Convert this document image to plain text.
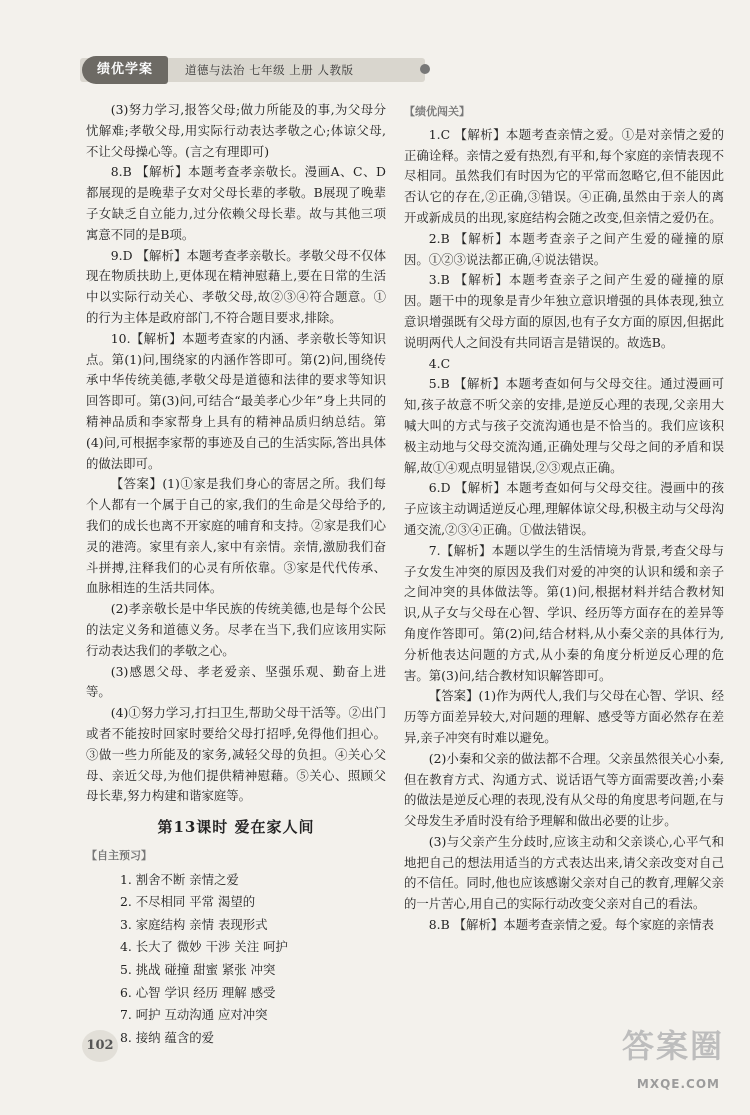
绩优学案	道德与法治 七年级 上册 人教版

(3)努力学习,报答父母;做力所能及的事,为父母分忧解难;孝敬父母,用实际行动表达孝敬之心;体谅父母,不让父母操心等。(言之有理即可)

8.B 【解析】本题考查孝亲敬长。漫画A、C、D都展现的是晚辈子女对父母长辈的孝敬。B展现了晚辈子女缺乏自立能力,过分依赖父母长辈。故与其他三项寓意不同的是B项。

9.D 【解析】本题考查孝亲敬长。孝敬父母不仅体现在物质扶助上,更体现在精神慰藉上,要在日常的生活中以实际行动关心、孝敬父母,故②③④符合题意。①的行为主体是政府部门,不符合题目要求,排除。

10.【解析】本题考查家的内涵、孝亲敬长等知识点。第(1)问,围绕家的内涵作答即可。第(2)问,围绕传承中华传统美德,孝敬父母是道德和法律的要求等知识回答即可。第(3)问,可结合“最美孝心少年”身上共同的精神品质和李家帮身上具有的精神品质归纳总结。第(4)问,可根据李家帮的事迹及自己的生活实际,答出具体的做法即可。

【答案】(1)①家是我们身心的寄居之所。我们每个人都有一个属于自己的家,我们的生命是父母给予的,我们的成长也离不开家庭的哺育和支持。②家是我们心灵的港湾。家里有亲人,家中有亲情。亲情,激励我们奋斗拼搏,注释我们的心灵有所依靠。③家是代代传承、血脉相连的生活共同体。

(2)孝亲敬长是中华民族的传统美德,也是每个公民的法定义务和道德义务。尽孝在当下,我们应该用实际行动表达我们的孝敬之心。

(3)感恩父母、孝老爱亲、坚强乐观、勤奋上进等。

(4)①努力学习,打扫卫生,帮助父母干活等。②出门或者不能按时回家时要给父母打招呼,免得他们担心。③做一些力所能及的家务,减轻父母的负担。④关心父母、亲近父母,为他们提供精神慰藉。⑤关心、照顾父母长辈,努力构建和谐家庭等。

第13课时 爱在家人间
【自主预习】

1. 割舍不断 亲情之爱

2. 不尽相同 平常 渴望的

3. 家庭结构 亲情 表现形式

4. 长大了 微妙 干涉 关注 呵护

5. 挑战 碰撞 甜蜜 紧张 冲突

6. 心智 学识 经历 理解 感受

7. 呵护 互动沟通 应对冲突

8. 接纳 蕴含的爱

【绩优闯关】

1.C 【解析】本题考查亲情之爱。①是对亲情之爱的正确诠释。亲情之爱有热烈,有平和,每个家庭的亲情表现不尽相同。虽然我们有时因为它的平常而忽略它,但不能因此否认它的存在,②正确,③错误。④正确,虽然由于亲人的离开或新成员的出现,家庭结构会随之改变,但亲情之爱仍在。

2.B 【解析】本题考查亲子之间产生爱的碰撞的原因。①②③说法都正确,④说法错误。

3.B 【解析】本题考查亲子之间产生爱的碰撞的原因。题干中的现象是青少年独立意识增强的具体表现,独立意识增强既有父母方面的原因,也有子女方面的原因,但据此说明两代人之间没有共同语言是错误的。故选B。

4.C

5.B 【解析】本题考查如何与父母交往。通过漫画可知,孩子故意不听父亲的安排,是逆反心理的表现,父亲用大喊大叫的方式与孩子交流沟通也是不恰当的。我们应该积极主动地与父母交流沟通,正确处理与父母之间的矛盾和误解,故①④观点明显错误,②③观点正确。

6.D 【解析】本题考查如何与父母交往。漫画中的孩子应该主动调适逆反心理,理解体谅父母,积极主动与父母沟通交流,②③④正确。①做法错误。

7.【解析】本题以学生的生活情境为背景,考查父母与子女发生冲突的原因及我们对爱的冲突的认识和缓和亲子之间冲突的具体做法等。第(1)问,根据材料并结合教材知识,从子女与父母在心智、学识、经历等方面存在的差异等角度作答即可。第(2)问,结合材料,从小秦父亲的具体行为,分析他表达问题的方式,从小秦的角度分析逆反心理的危害。第(3)问,结合教材知识解答即可。

【答案】(1)作为两代人,我们与父母在心智、学识、经历等方面差异较大,对问题的理解、感受等方面必然存在差异,亲子冲突有时难以避免。

(2)小秦和父亲的做法都不合理。父亲虽然很关心小秦,但在教育方式、沟通方式、说话语气等方面需要改善;小秦的做法是逆反心理的表现,没有从父母的角度思考问题,在与父母发生矛盾时没有给予理解和做出必要的让步。

(3)与父亲产生分歧时,应该主动和父亲谈心,心平气和地把自己的想法用适当的方式表达出来,请父亲改变对自己的不信任。同时,他也应该感谢父亲对自己的教育,理解父亲的一片苦心,用自己的实际行动改变父亲对自己的看法。

8.B 【解析】本题考查亲情之爱。每个家庭的亲情表

102	答案圈
MXQE.COM
